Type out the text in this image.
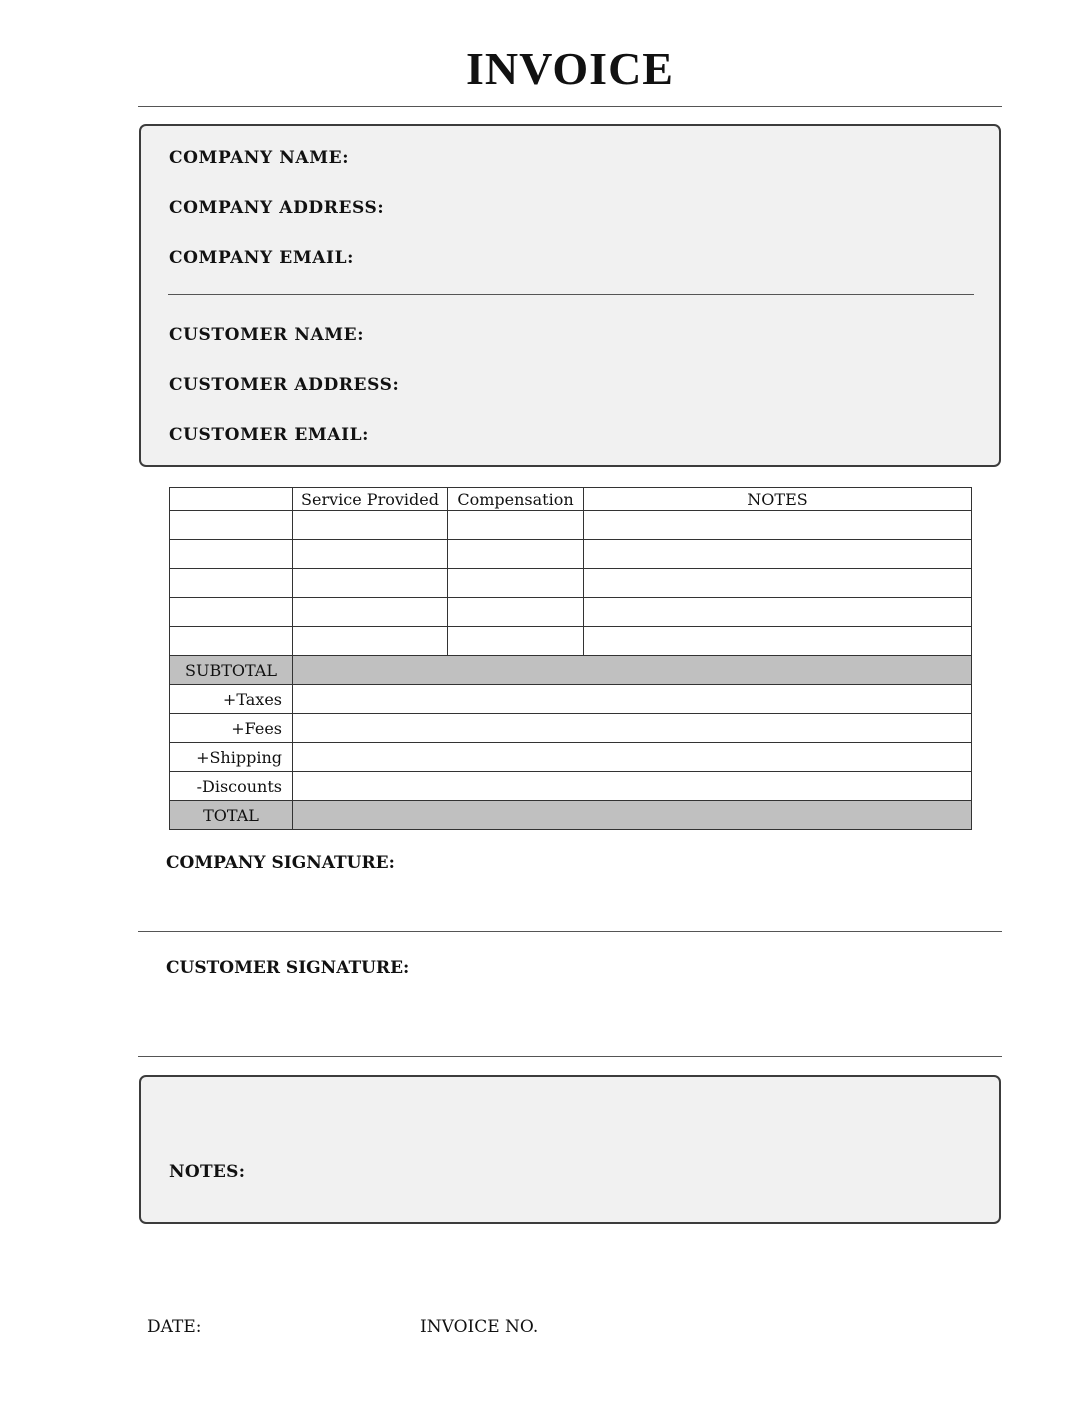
INVOICE
COMPANY NAME:
COMPANY ADDRESS:
COMPANY EMAIL:
CUSTOMER NAME:
CUSTOMER ADDRESS:
CUSTOMER EMAIL:
	Service Provided	Compensation	NOTES

SUBTOTAL			
+Taxes			
+Fees			
+Shipping			
-Discounts			
TOTAL			
COMPANY SIGNATURE:
CUSTOMER SIGNATURE:
NOTES:
DATE:	INVOICE NO.
